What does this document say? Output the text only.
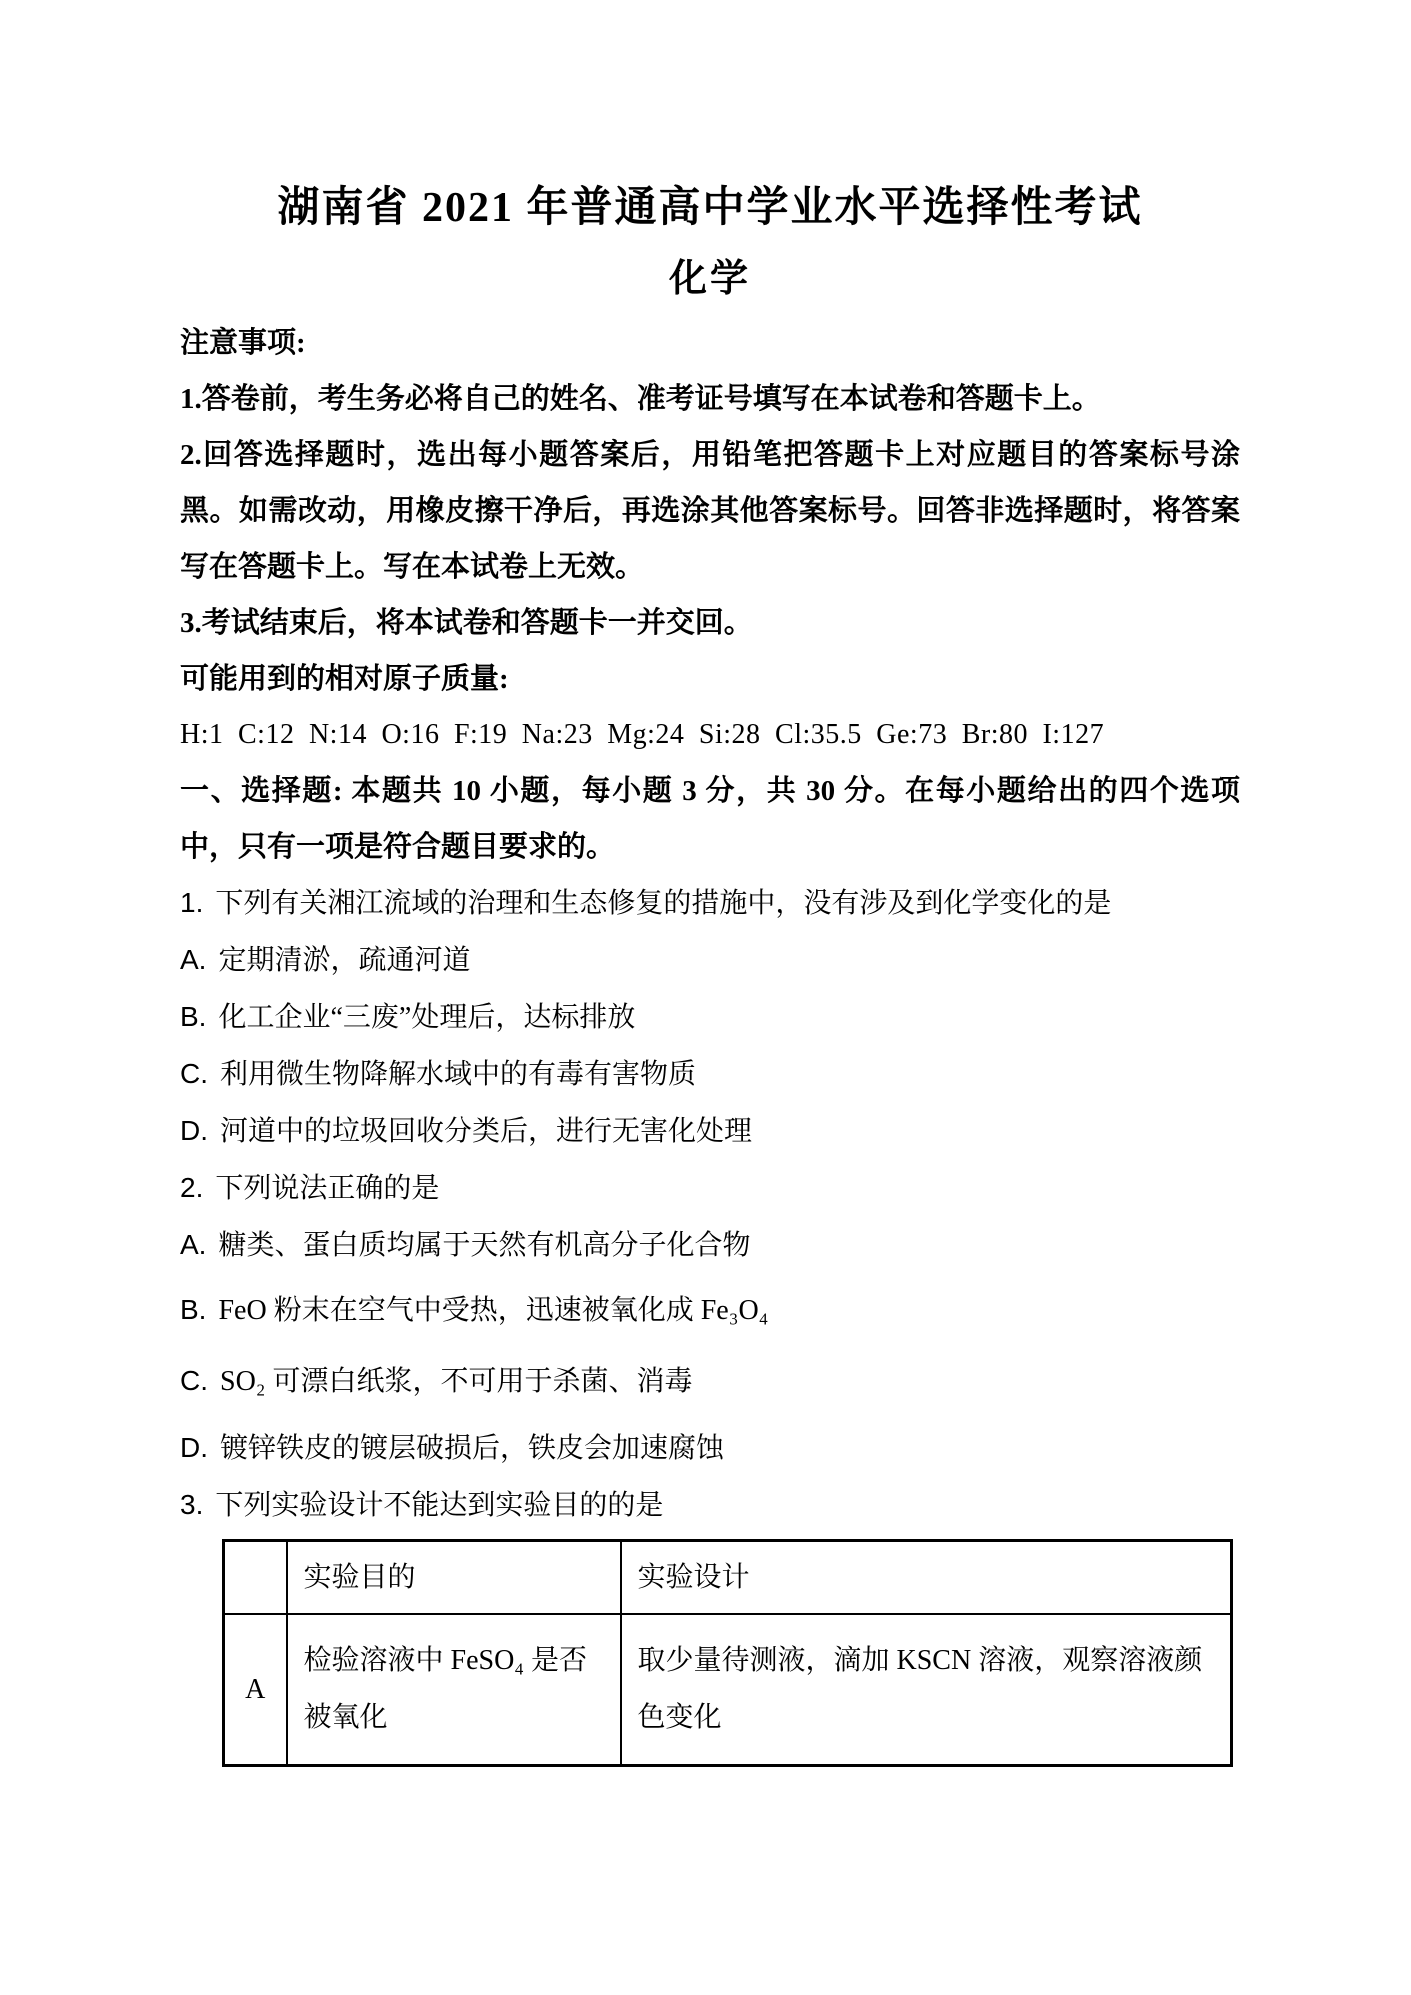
湖南省 2021 年普通高中学业水平选择性考试
化学

注意事项:

1.答卷前，考生务必将自己的姓名、准考证号填写在本试卷和答题卡上。

2.回答选择题时，选出每小题答案后，用铅笔把答题卡上对应题目的答案标号涂黑。如需改动，用橡皮擦干净后，再选涂其他答案标号。回答非选择题时，将答案写在答题卡上。写在本试卷上无效。

3.考试结束后，将本试卷和答题卡一并交回。

可能用到的相对原子质量:

H:1 C:12 N:14 O:16 F:19 Na:23 Mg:24 Si:28 Cl:35.5 Ge:73 Br:80 I:127

一、选择题: 本题共 10 小题，每小题 3 分，共 30 分。在每小题给出的四个选项中，只有一项是符合题目要求的。

1. 下列有关湘江流域的治理和生态修复的措施中，没有涉及到化学变化的是

A. 定期清淤，疏通河道

B. 化工企业“三废”处理后，达标排放

C. 利用微生物降解水域中的有毒有害物质

D. 河道中的垃圾回收分类后，进行无害化处理

2. 下列说法正确的是

A. 糖类、蛋白质均属于天然有机高分子化合物

B. FeO 粉末在空气中受热，迅速被氧化成 Fe₃O₄

C. SO₂ 可漂白纸浆，不可用于杀菌、消毒

D. 镀锌铁皮的镀层破损后，铁皮会加速腐蚀

3. 下列实验设计不能达到实验目的的是

	实验目的	实验设计
A	检验溶液中 FeSO₄ 是否被氧化	取少量待测液，滴加 KSCN 溶液，观察溶液颜色变化
